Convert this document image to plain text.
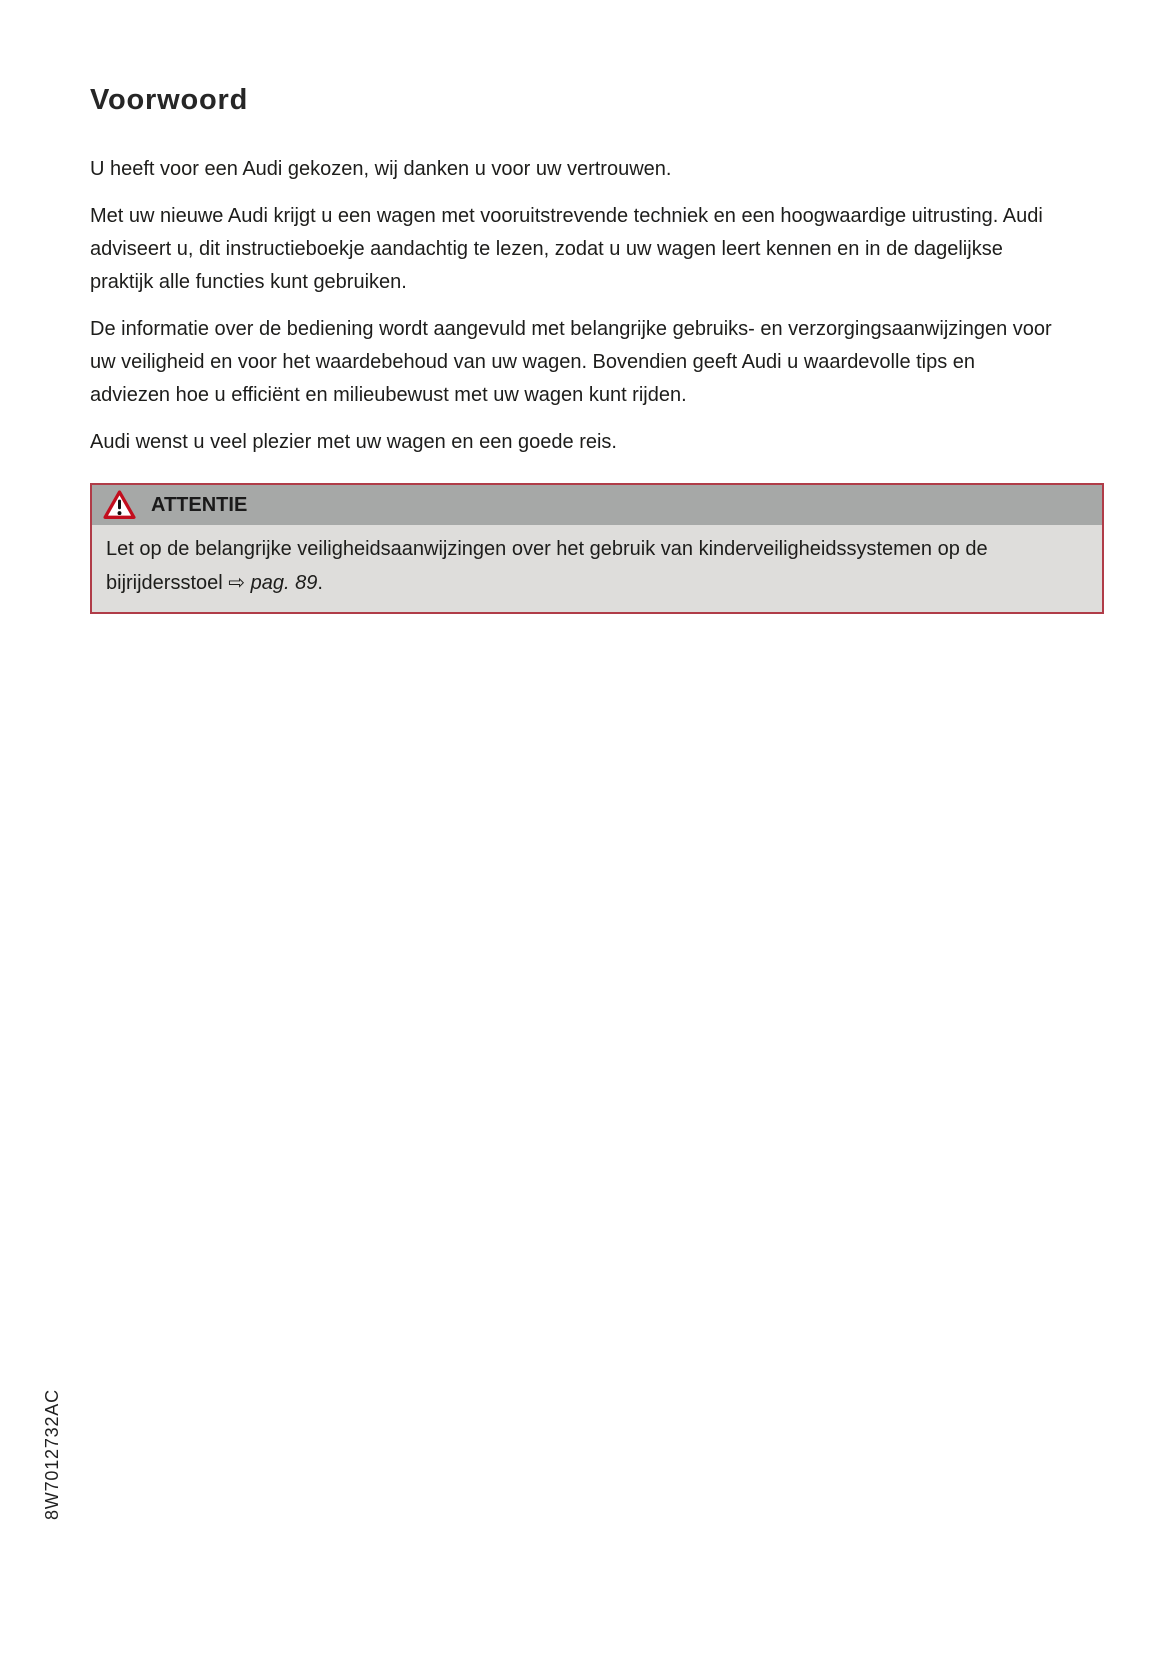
Voorwoord

U heeft voor een Audi gekozen, wij danken u voor uw vertrouwen.

Met uw nieuwe Audi krijgt u een wagen met vooruitstrevende techniek en een hoogwaardige uitrusting. Audi adviseert u, dit instructieboekje aandachtig te lezen, zodat u uw wagen leert kennen en in de dagelijkse praktijk alle functies kunt gebruiken.

De informatie over de bediening wordt aangevuld met belangrijke gebruiks- en verzorgingsaanwijzingen voor uw veiligheid en voor het waardebehoud van uw wagen. Bovendien geeft Audi u waardevolle tips en adviezen hoe u efficiënt en milieubewust met uw wagen kunt rijden.

Audi wenst u veel plezier met uw wagen en een goede reis.

ATTENTIE
Let op de belangrijke veiligheidsaanwijzingen over het gebruik van kinderveiligheidssystemen op de bijrijdersstoel ⇨ pag. 89.
8W7012732AC
